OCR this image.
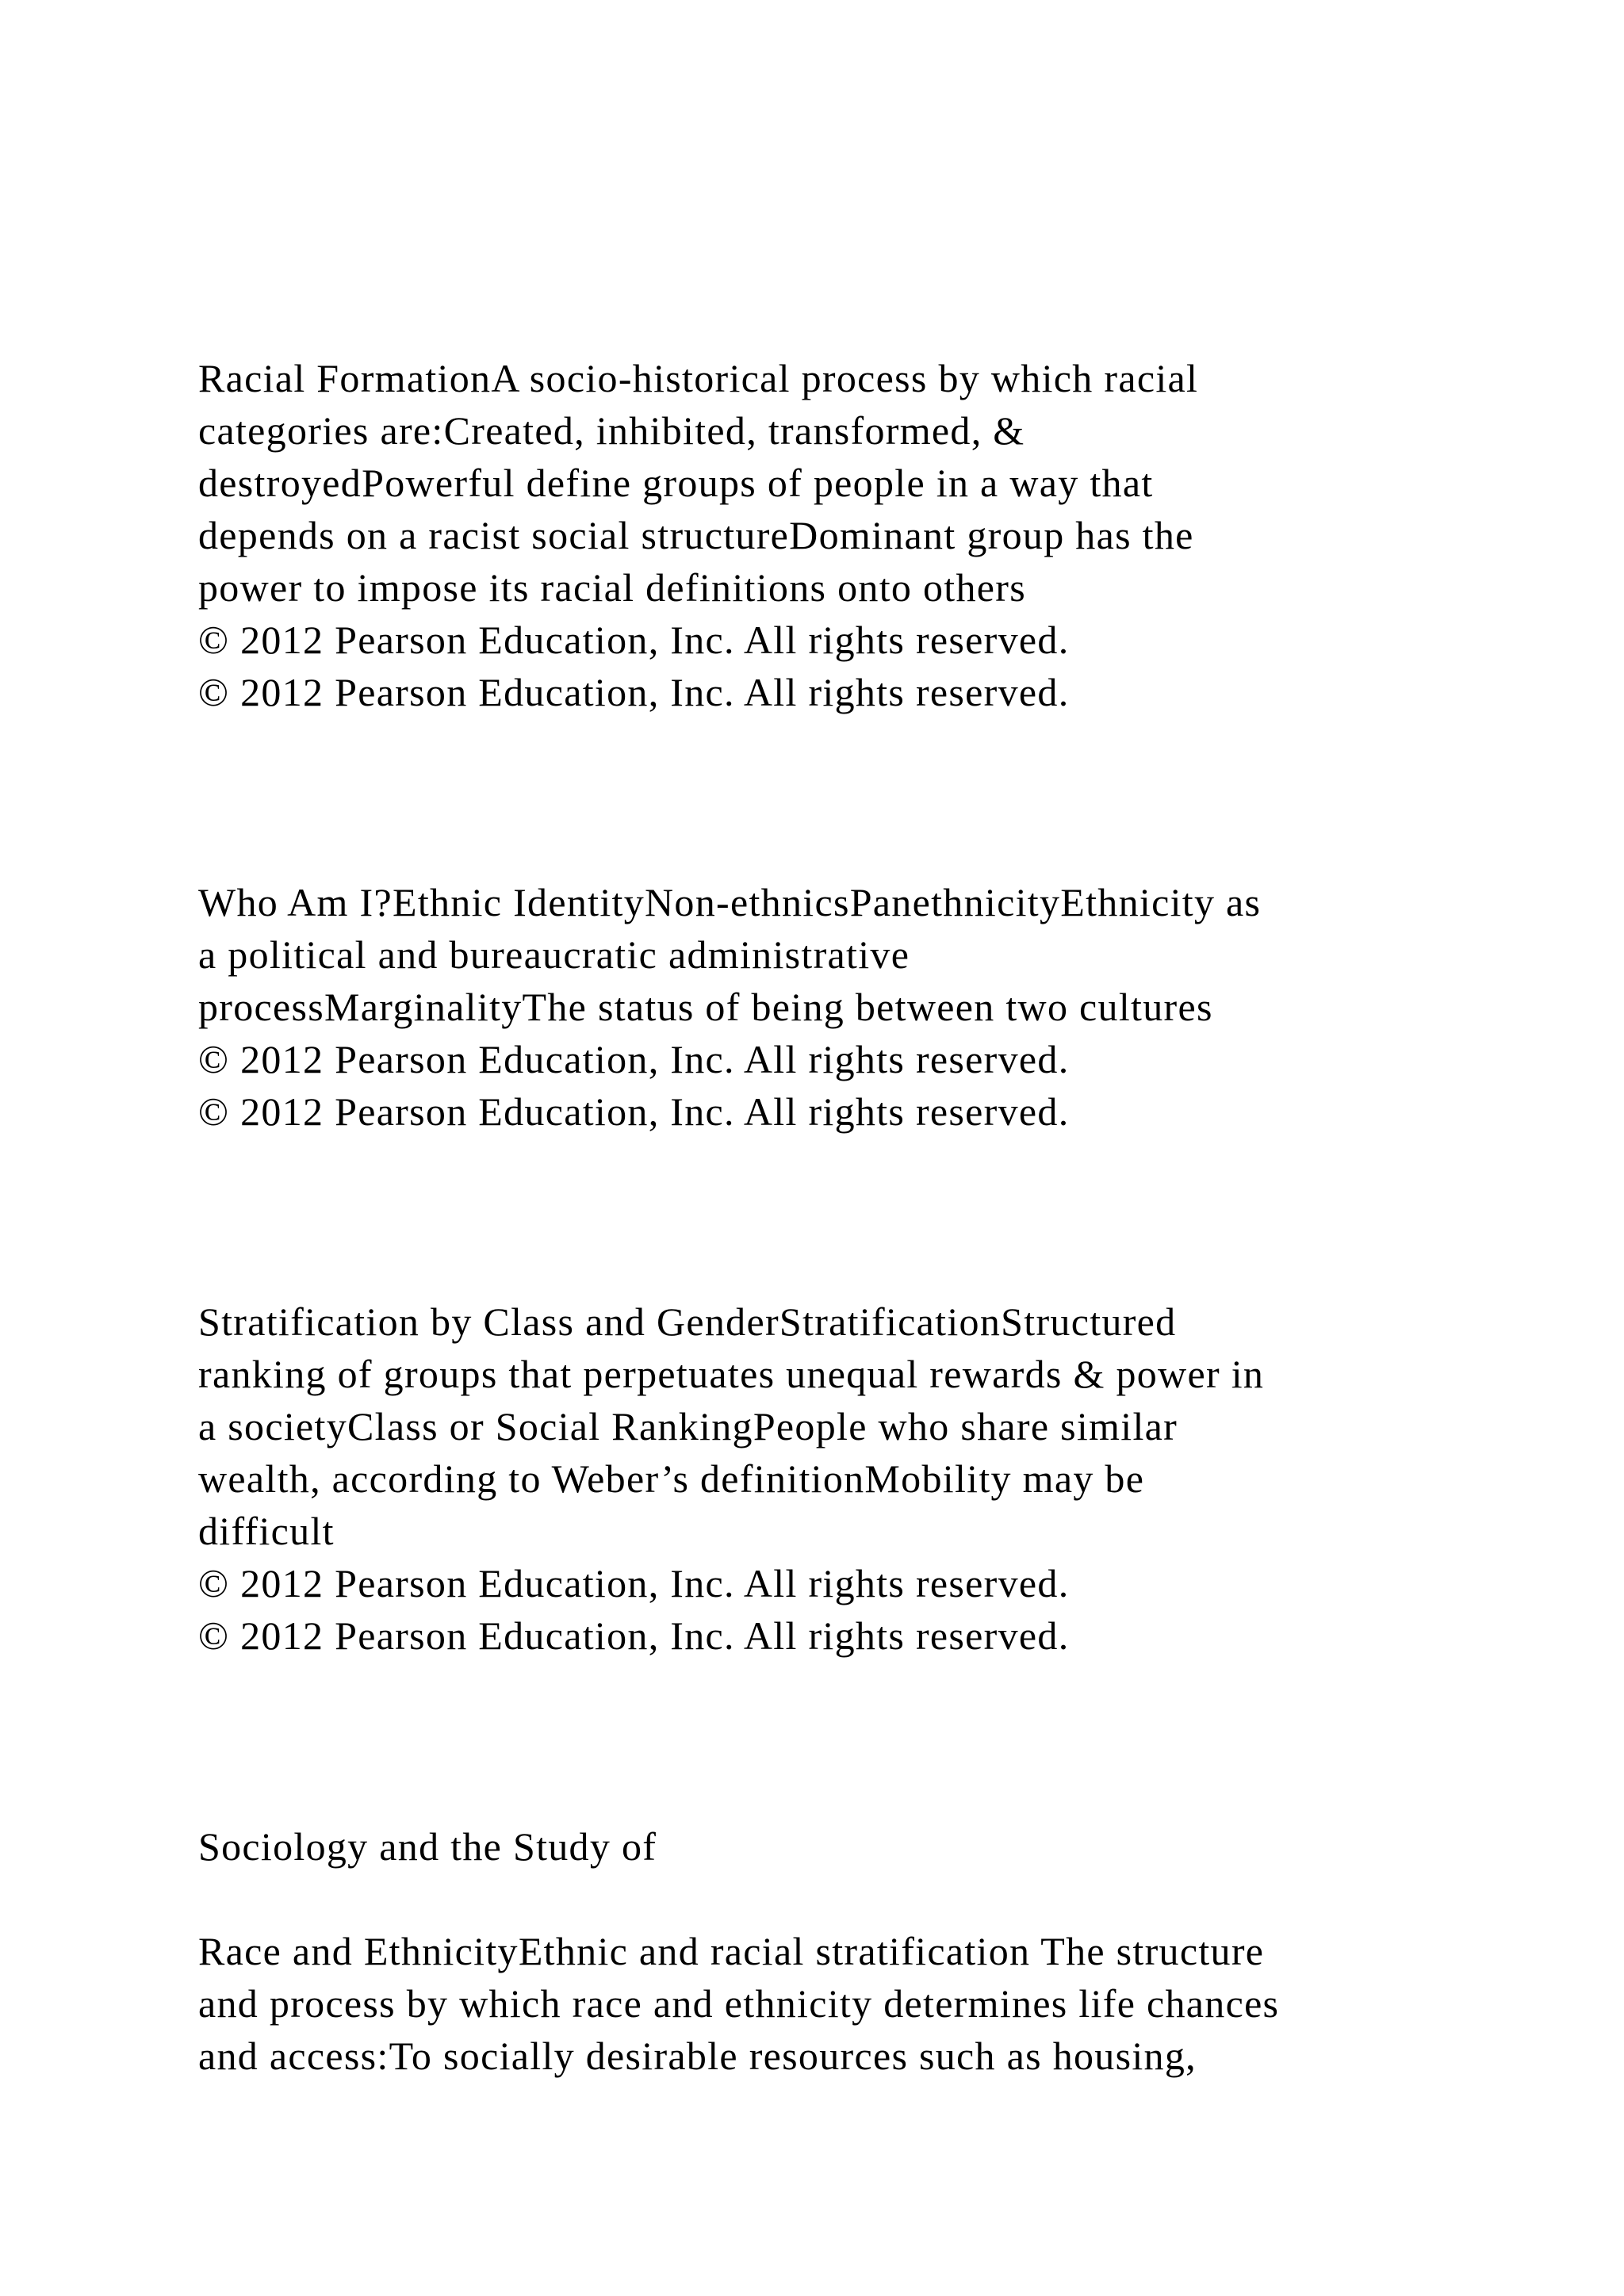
Racial FormationA socio-historical process by which racial
categories are:Created, inhibited, transformed, &
destroyedPowerful define groups of people in a way that
depends on a racist social structureDominant group has the
power to impose its racial definitions onto others
© 2012 Pearson Education, Inc. All rights reserved.
© 2012 Pearson Education, Inc. All rights reserved.
Who Am I?Ethnic IdentityNon-ethnicsPanethnicityEthnicity as
a political and bureaucratic administrative
processMarginalityThe status of being between two cultures
© 2012 Pearson Education, Inc. All rights reserved.
© 2012 Pearson Education, Inc. All rights reserved.
Stratification by Class and GenderStratificationStructured
ranking of groups that perpetuates unequal rewards & power in
a societyClass or Social RankingPeople who share similar
wealth, according to Weber’s definitionMobility may be
difficult
© 2012 Pearson Education, Inc. All rights reserved.
© 2012 Pearson Education, Inc. All rights reserved.
Sociology and the Study of
Race and EthnicityEthnic and racial stratification The structure
and process by which race and ethnicity determines life chances
and access:To socially desirable resources such as housing,
